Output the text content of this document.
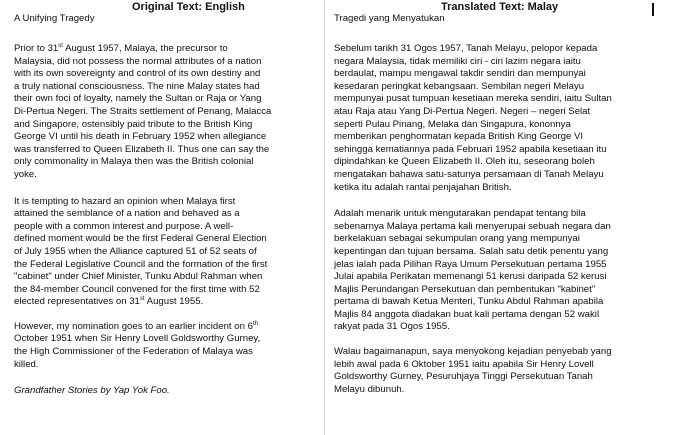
Original Text: English
A Unifying Tragedy

Prior to 31st August 1957, Malaya, the precursor to
Malaysia, did not possess the normal attributes of a nation
with its own sovereignty and control of its own destiny and
a truly national consciousness. The nine Malay states had
their own foci of loyalty, namely the Sultan or Raja or Yang
Di-Pertua Negeri. The Straits settlement of Penang, Malacca
and Singapore, ostensibly paid tribute to the British King
George VI until his death in February 1952 when allegiance
was transferred to Queen Elizabeth II. Thus one can say the
only commonality in Malaya then was the British colonial
yoke.

It is tempting to hazard an opinion when Malaya first
attained the semblance of a nation and behaved as a
people with a common interest and purpose. A well-
defined moment would be the first Federal General Election
of July 1955 when the Alliance captured 51 of 52 seats of
the Federal Legislative Council and the formation of the first
"cabinet" under Chief Minister, Tunku Abdul Rahman when
the 84-member Council convened for the first time with 52
elected representatives on 31st August 1955.

However, my nomination goes to an earlier incident on 6th
October 1951 when Sir Henry Lovell Goldsworthy Gurney,
the High Commissioner of the Federation of Malaya was
killed.

Grandfather Stories by Yap Yok Foo.
Translated Text: Malay
Tragedi yang Menyatukan

Sebelum tarikh 31 Ogos 1957, Tanah Melayu, pelopor kepada
negara Malaysia, tidak memiliki ciri - ciri lazim negara iaitu
berdaulat, mampu mengawal takdir sendiri dan mempunyai
kesedaran peringkat kebangsaan. Sembilan negeri Melayu
mempunyai pusat tumpuan kesetiaan mereka sendiri, iaitu Sultan
atau Raja atau Yang Di-Pertua Negeri. Negeri – negeri Selat
seperti Pulau Pinang, Melaka dan Singapura, kononnya
memberikan penghormatan kepada British King George VI
sehingga kematiannya pada Februari 1952 apabila kesetiaan itu
dipindahkan ke Queen Elizabeth II. Oleh itu, seseorang boleh
mengatakan bahawa satu-satunya persamaan di Tanah Melayu
ketika itu adalah rantai penjajahan British.

Adalah menarik untuk mengutarakan pendapat tentang bila
sebenarnya Malaya pertama kali menyerupai sebuah negara dan
berkelakuan sebagai sekumpulan orang yang mempunyai
kepentingan dan tujuan bersama. Salah satu detik penentu yang
jelas ialah pada Pilihan Raya Umum Persekutuan pertama 1955
Julai apabila Perikatan memenangi 51 kerusi daripada 52 kerusi
Majlis Perundangan Persekutuan dan pembentukan "kabinet"
pertama di bawah Ketua Menteri, Tunku Abdul Rahman apabila
Majlis 84 anggota diadakan buat kali pertama dengan 52 wakil
rakyat pada 31 Ogos 1955.

Walau bagaimanapun, saya menyokong kejadian penyebab yang
lebih awal pada 6 Oktober 1951 iaitu apabila Sir Henry Lovell
Goldsworthy Gurney, Pesuruhjaya Tinggi Persekutuan Tanah
Melayu dibunuh.
